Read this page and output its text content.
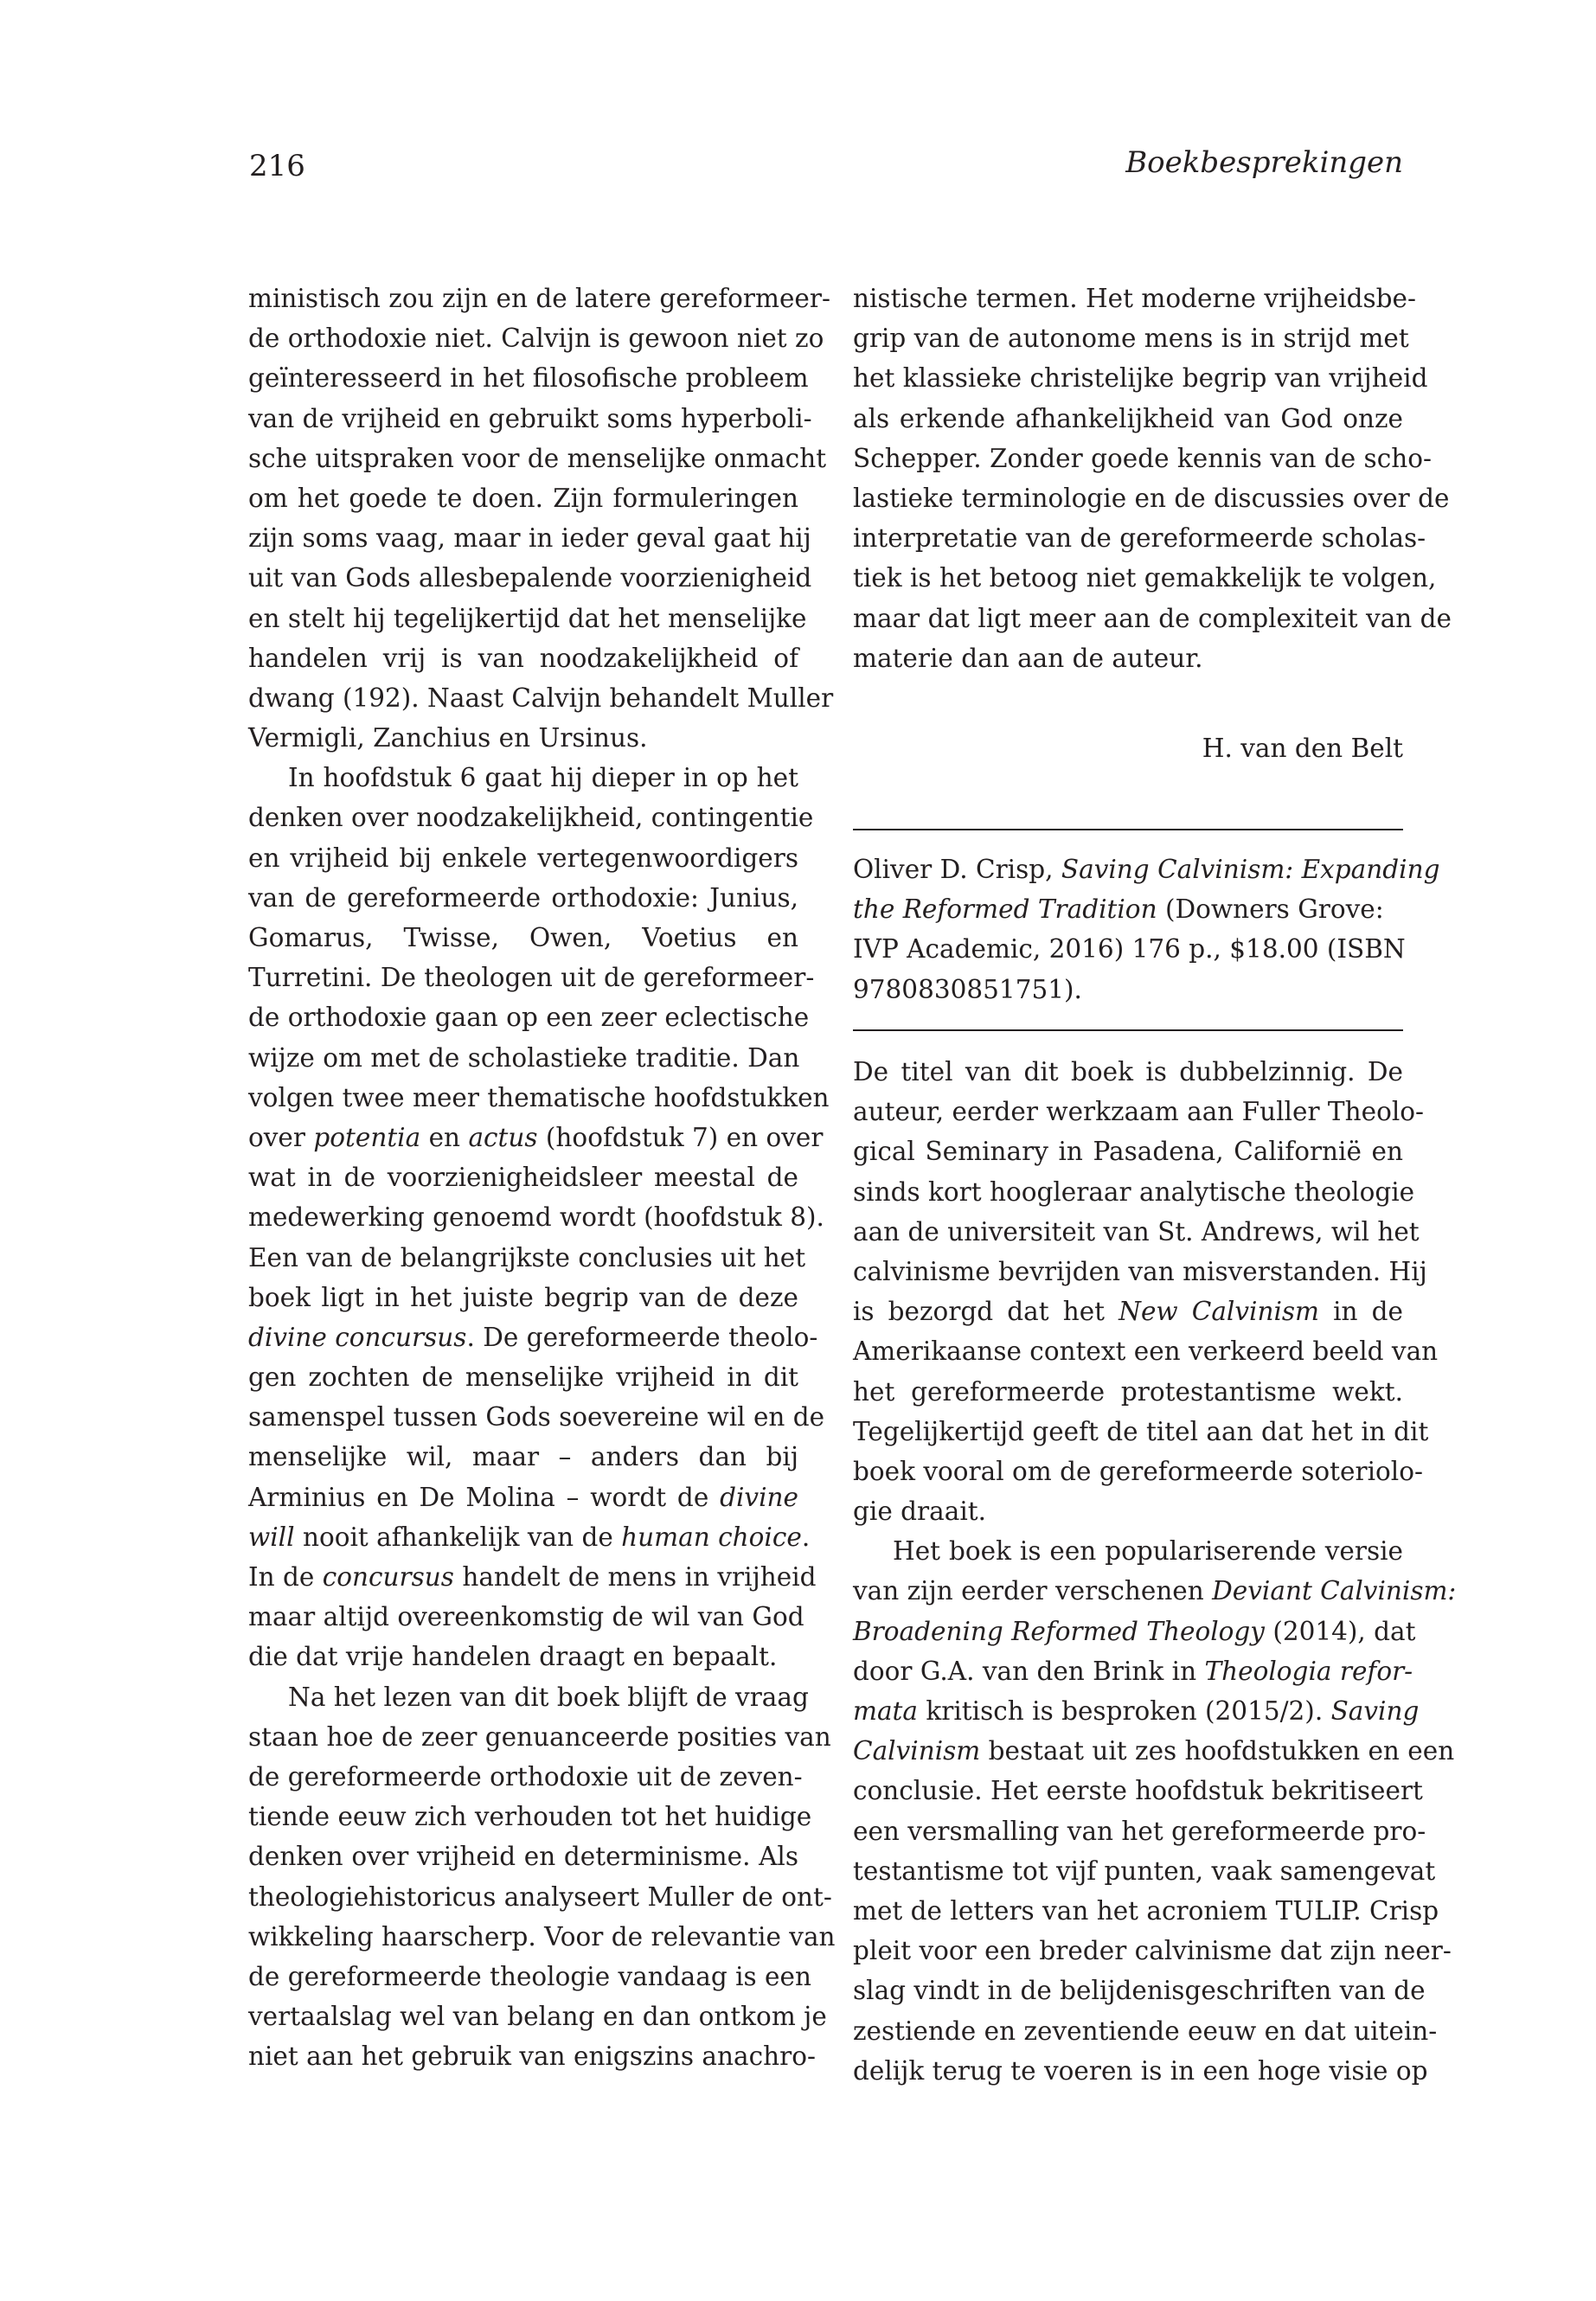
216	Boekbesprekingen
ministisch zou zijn en de latere gereformeer-
de orthodoxie niet. Calvijn is gewoon niet zo
geïnteresseerd in het filosofische probleem
van de vrijheid en gebruikt soms hyperboli-
sche uitspraken voor de menselijke onmacht
om het goede te doen. Zijn formuleringen
zijn soms vaag, maar in ieder geval gaat hij
uit van Gods allesbepalende voorzienigheid
en stelt hij tegelijkertijd dat het menselijke
handelen vrij is van noodzakelijkheid of
dwang (192). Naast Calvijn behandelt Muller
Vermigli, Zanchius en Ursinus.
In hoofdstuk 6 gaat hij dieper in op het
denken over noodzakelijkheid, contingentie
en vrijheid bij enkele vertegenwoordigers
van de gereformeerde orthodoxie: Junius,
Gomarus, Twisse, Owen, Voetius en
Turretini. De theologen uit de gereformeer-
de orthodoxie gaan op een zeer eclectische
wijze om met de scholastieke traditie. Dan
volgen twee meer thematische hoofdstukken
over potentia en actus (hoofdstuk 7) en over
wat in de voorzienigheidsleer meestal de
medewerking genoemd wordt (hoofdstuk 8).
Een van de belangrijkste conclusies uit het
boek ligt in het juiste begrip van de deze
divine concursus. De gereformeerde theolo-
gen zochten de menselijke vrijheid in dit
samenspel tussen Gods soevereine wil en de
menselijke wil, maar – anders dan bij
Arminius en De Molina – wordt de divine
will nooit afhankelijk van de human choice.
In de concursus handelt de mens in vrijheid
maar altijd overeenkomstig de wil van God
die dat vrije handelen draagt en bepaalt.
Na het lezen van dit boek blijft de vraag
staan hoe de zeer genuanceerde posities van
de gereformeerde orthodoxie uit de zeven-
tiende eeuw zich verhouden tot het huidige
denken over vrijheid en determinisme. Als
theologiehistoricus analyseert Muller de ont-
wikkeling haarscherp. Voor de relevantie van
de gereformeerde theologie vandaag is een
vertaalslag wel van belang en dan ontkom je
niet aan het gebruik van enigszins anachro-
nistische termen. Het moderne vrijheidsbe-
grip van de autonome mens is in strijd met
het klassieke christelijke begrip van vrijheid
als erkende afhankelijkheid van God onze
Schepper. Zonder goede kennis van de scho-
lastieke terminologie en de discussies over de
interpretatie van de gereformeerde scholas-
tiek is het betoog niet gemakkelijk te volgen,
maar dat ligt meer aan de complexiteit van de
materie dan aan de auteur.
H. van den Belt
Oliver D. Crisp, Saving Calvinism: Expanding
the Reformed Tradition (Downers Grove:
IVP Academic, 2016) 176 p., $18.00 (ISBN
9780830851751).
De titel van dit boek is dubbelzinnig. De
auteur, eerder werkzaam aan Fuller Theolo-
gical Seminary in Pasadena, Californië en
sinds kort hoogleraar analytische theologie
aan de universiteit van St. Andrews, wil het
calvinisme bevrijden van misverstanden. Hij
is bezorgd dat het New Calvinism in de
Amerikaanse context een verkeerd beeld van
het gereformeerde protestantisme wekt.
Tegelijkertijd geeft de titel aan dat het in dit
boek vooral om de gereformeerde soteriolo-
gie draait.
Het boek is een populariserende versie
van zijn eerder verschenen Deviant Calvinism:
Broadening Reformed Theology (2014), dat
door G.A. van den Brink in Theologia refor-
mata kritisch is besproken (2015/2). Saving
Calvinism bestaat uit zes hoofdstukken en een
conclusie. Het eerste hoofdstuk bekritiseert
een versmalling van het gereformeerde pro-
testantisme tot vijf punten, vaak samengevat
met de letters van het acroniem TULIP. Crisp
pleit voor een breder calvinisme dat zijn neer-
slag vindt in de belijdenisgeschriften van de
zestiende en zeventiende eeuw en dat uitein-
delijk terug te voeren is in een hoge visie op
